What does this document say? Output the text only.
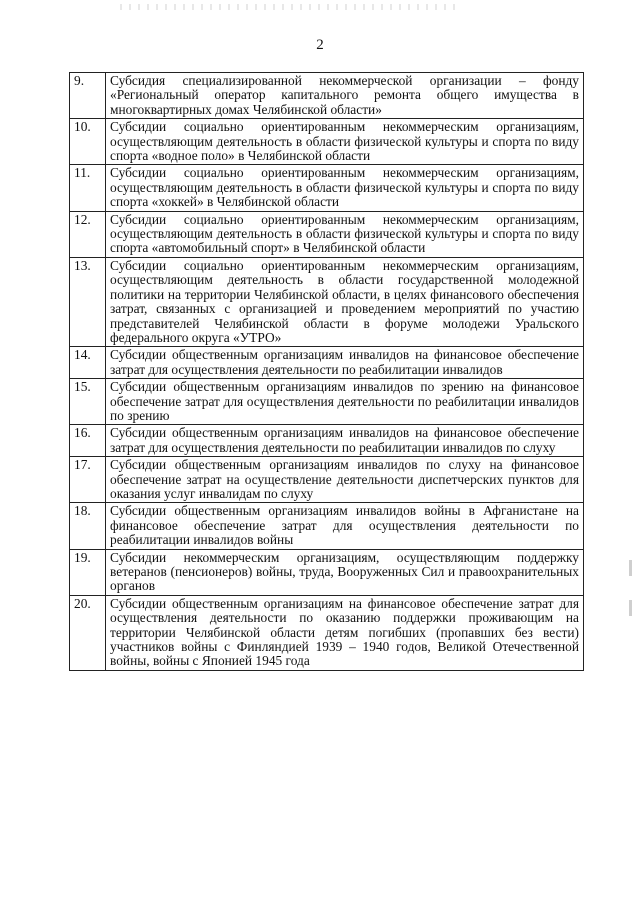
2
9.	Субсидия специализированной некоммерческой организации – фонду «Региональный оператор капитального ремонта общего имущества в многоквартирных домах Челябинской области»
10.	Субсидии социально ориентированным некоммерческим организациям, осуществляющим деятельность в области физической культуры и спорта по виду спорта «водное поло» в Челябинской области
11.	Субсидии социально ориентированным некоммерческим организациям, осуществляющим деятельность в области физической культуры и спорта по виду спорта «хоккей» в Челябинской области
12.	Субсидии социально ориентированным некоммерческим организациям, осуществляющим деятельность в области физической культуры и спорта по виду спорта «автомобильный спорт» в Челябинской области
13.	Субсидии социально ориентированным некоммерческим организациям, осуществляющим деятельность в области государственной молодежной политики на территории Челябинской области, в целях финансового обеспечения затрат, связанных с организацией и проведением мероприятий по участию представителей Челябинской области в форуме молодежи Уральского федерального округа «УТРО»
14.	Субсидии общественным организациям инвалидов на финансовое обеспечение затрат для осуществления деятельности по реабилитации инвалидов
15.	Субсидии общественным организациям инвалидов по зрению на финансовое обеспечение затрат для осуществления деятельности по реабилитации инвалидов по зрению
16.	Субсидии общественным организациям инвалидов на финансовое обеспечение затрат для осуществления деятельности по реабилитации инвалидов по слуху
17.	Субсидии общественным организациям инвалидов по слуху на финансовое обеспечение затрат на осуществление деятельности диспетчерских пунктов для оказания услуг инвалидам по слуху
18.	Субсидии общественным организациям инвалидов войны в Афганистане на финансовое обеспечение затрат для осуществления деятельности по реабилитации инвалидов войны
19.	Субсидии некоммерческим организациям, осуществляющим поддержку ветеранов (пенсионеров) войны, труда, Вооруженных Сил и правоохранительных органов
20.	Субсидии общественным организациям на финансовое обеспечение затрат для осуществления деятельности по оказанию поддержки проживающим на территории Челябинской области детям погибших (пропавших без вести) участников войны с Финляндией 1939 – 1940 годов, Великой Отечественной войны, войны с Японией 1945 года
